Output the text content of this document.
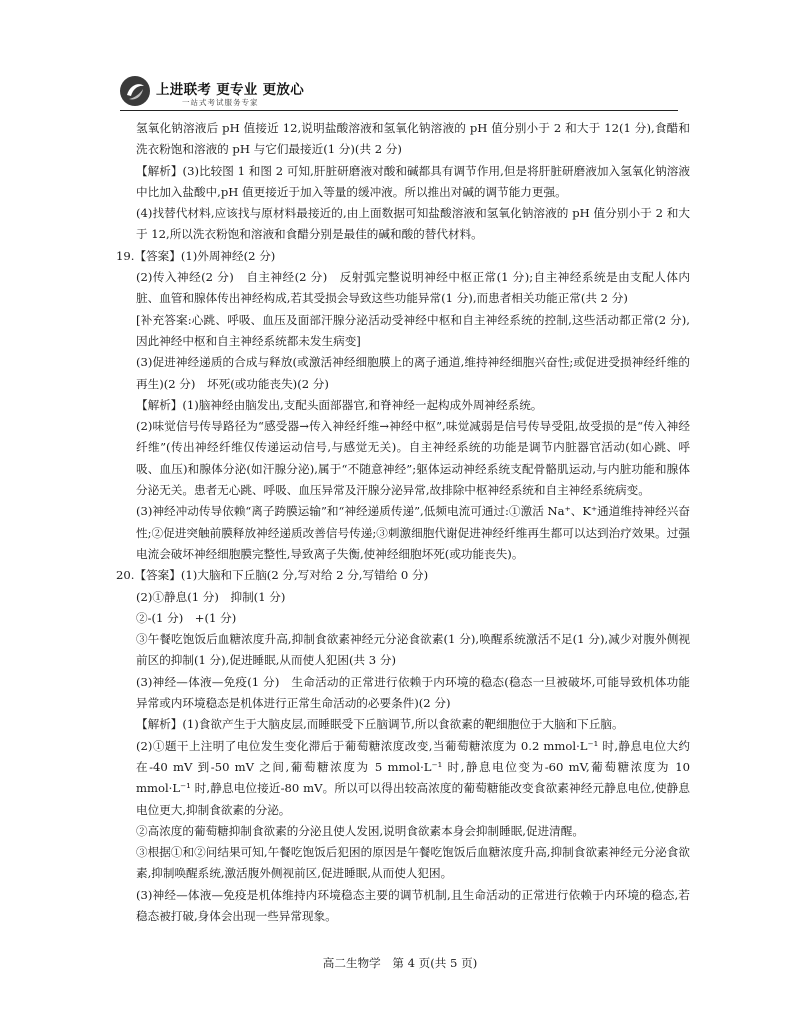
上进联考 更专业 更放心
一站式考试服务专家

氢氧化钠溶液后 pH 值接近 12,说明盐酸溶液和氢氧化钠溶液的 pH 值分别小于 2 和大于 12(1 分),食醋和洗衣粉饱和溶液的 pH 与它们最接近(1 分)(共 2 分)

【解析】(3)比较图 1 和图 2 可知,肝脏研磨液对酸和碱都具有调节作用,但是将肝脏研磨液加入氢氧化钠溶液中比加入盐酸中,pH 值更接近于加入等量的缓冲液。所以推出对碱的调节能力更强。

(4)找替代材料,应该找与原材料最接近的,由上面数据可知盐酸溶液和氢氧化钠溶液的 pH 值分别小于 2 和大于 12,所以洗衣粉饱和溶液和食醋分别是最佳的碱和酸的替代材料。

19.【答案】(1)外周神经(2 分)

(2)传入神经(2 分)　自主神经(2 分)　反射弧完整说明神经中枢正常(1 分);自主神经系统是由支配人体内脏、血管和腺体传出神经构成,若其受损会导致这些功能异常(1 分),而患者相关功能正常(共 2 分)

[补充答案:心跳、呼吸、血压及面部汗腺分泌活动受神经中枢和自主神经系统的控制,这些活动都正常(2 分),因此神经中枢和自主神经系统都未发生病变]

(3)促进神经递质的合成与释放(或激活神经细胞膜上的离子通道,维持神经细胞兴奋性;或促进受损神经纤维的再生)(2 分)　坏死(或功能丧失)(2 分)

【解析】(1)脑神经由脑发出,支配头面部器官,和脊神经一起构成外周神经系统。

(2)味觉信号传导路径为“感受器→传入神经纤维→神经中枢”,味觉减弱是信号传导受阻,故受损的是“传入神经纤维”(传出神经纤维仅传递运动信号,与感觉无关)。自主神经系统的功能是调节内脏器官活动(如心跳、呼吸、血压)和腺体分泌(如汗腺分泌),属于“不随意神经”;躯体运动神经系统支配骨骼肌运动,与内脏功能和腺体分泌无关。患者无心跳、呼吸、血压异常及汗腺分泌异常,故排除中枢神经系统和自主神经系统病变。

(3)神经冲动传导依赖“离子跨膜运输”和“神经递质传递”,低频电流可通过:①激活 Na⁺、K⁺通道维持神经兴奋性;②促进突触前膜释放神经递质改善信号传递;③刺激细胞代谢促进神经纤维再生都可以达到治疗效果。过强电流会破坏神经细胞膜完整性,导致离子失衡,使神经细胞坏死(或功能丧失)。

20.【答案】(1)大脑和下丘脑(2 分,写对给 2 分,写错给 0 分)

(2)①静息(1 分)　抑制(1 分)

②-(1 分)　+(1 分)

③午餐吃饱饭后血糖浓度升高,抑制食欲素神经元分泌食欲素(1 分),唤醒系统激活不足(1 分),减少对腹外侧视前区的抑制(1 分),促进睡眠,从而使人犯困(共 3 分)

(3)神经—体液—免疫(1 分)　生命活动的正常进行依赖于内环境的稳态(稳态一旦被破坏,可能导致机体功能异常或内环境稳态是机体进行正常生命活动的必要条件)(2 分)

【解析】(1)食欲产生于大脑皮层,而睡眠受下丘脑调节,所以食欲素的靶细胞位于大脑和下丘脑。

(2)①题干上注明了电位发生变化滞后于葡萄糖浓度改变,当葡萄糖浓度为 0.2 mmol·L⁻¹ 时,静息电位大约在-40 mV 到-50 mV 之间,葡萄糖浓度为 5 mmol·L⁻¹ 时,静息电位变为-60 mV,葡萄糖浓度为 10 mmol·L⁻¹ 时,静息电位接近-80 mV。所以可以得出较高浓度的葡萄糖能改变食欲素神经元静息电位,使静息电位更大,抑制食欲素的分泌。

②高浓度的葡萄糖抑制食欲素的分泌且使人发困,说明食欲素本身会抑制睡眠,促进清醒。

③根据①和②问结果可知,午餐吃饱饭后犯困的原因是午餐吃饱饭后血糖浓度升高,抑制食欲素神经元分泌食欲素,抑制唤醒系统,激活腹外侧视前区,促进睡眠,从而使人犯困。

(3)神经—体液—免疫是机体维持内环境稳态主要的调节机制,且生命活动的正常进行依赖于内环境的稳态,若稳态被打破,身体会出现一些异常现象。

高二生物学　第 4 页(共 5 页)
